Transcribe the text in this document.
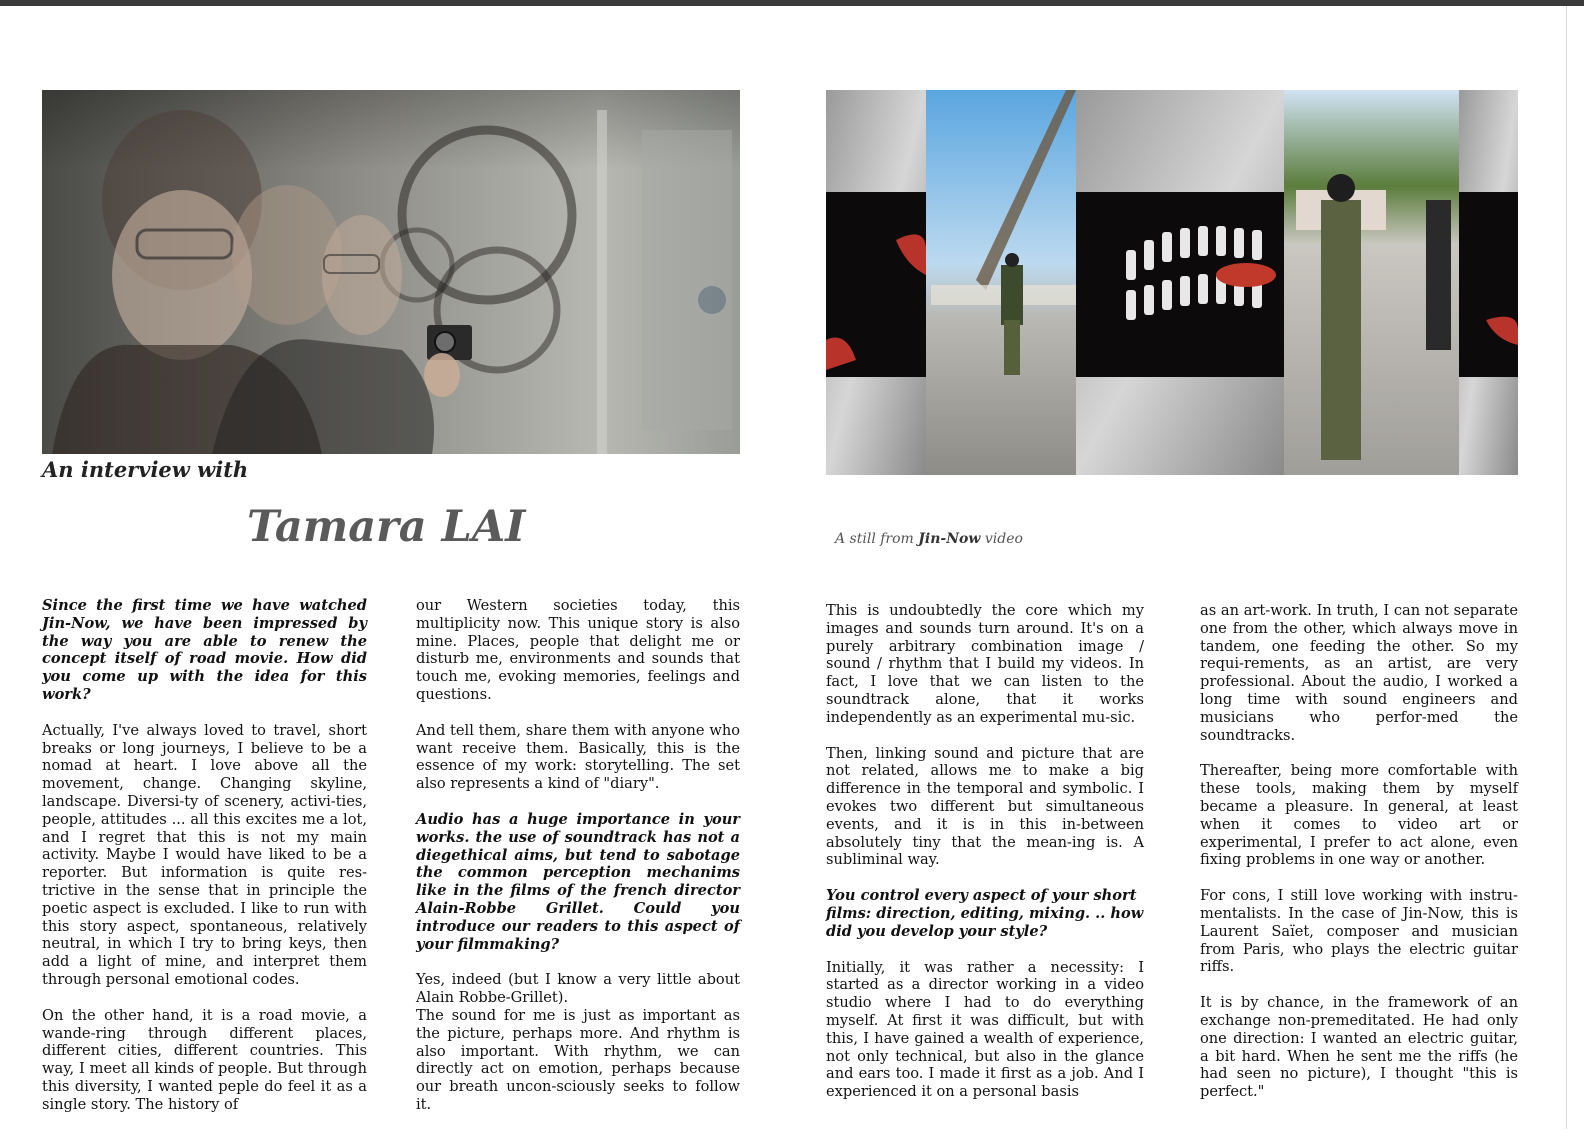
An interview with
Tamara LAI	A still from Jin-Now video

Since the first time we have watched Jin-Now, we have been impressed by the way you are able to renew the concept itself of road movie. How did you come up with the idea for this work?

Actually, I've always loved to travel, short breaks or long journeys, I believe to be a nomad at heart. I love above all the movement, change. Changing skyline, landscape. Diversi-ty of scenery, activi-ties, people, attitudes ... all this excites me a lot, and I regret that this is not my main activity. Maybe I would have liked to be a reporter. But information is quite res-trictive in the sense that in principle the poetic aspect is excluded. I like to run with this story aspect, spontaneous, relatively neutral, in which I try to bring keys, then add a light of mine, and interpret them through personal emotional codes.

On the other hand, it is a road movie, a wande-ring through different places, different cities, different countries. This way, I meet all kinds of people. But through this diversity, I wanted peple do feel it as a single story. The history of

our Western societies today, this multiplicity now. This unique story is also mine. Places, people that delight me or disturb me, environments and sounds that touch me, evoking memories, feelings and questions.

And tell them, share them with anyone who want receive them. Basically, this is the essence of my work: storytelling. The set also represents a kind of "diary".

Audio has a huge importance in your works. the use of soundtrack has not a diegethical aims, but tend to sabotage the common perception mechanims like in the films of the french director Alain-Robbe Grillet. Could you introduce our readers to this aspect of your filmmaking?

Yes, indeed (but I know a very little about Alain Robbe-Grillet).

The sound for me is just as important as the picture, perhaps more. And rhythm is also important. With rhythm, we can directly act on emotion, perhaps because our breath uncon-sciously seeks to follow it.

This is undoubtedly the core which my images and sounds turn around. It's on a purely arbitrary combination image / sound / rhythm that I build my videos. In fact, I love that we can listen to the soundtrack alone, that it works independently as an experimental mu-sic.

Then, linking sound and picture that are not related, allows me to make a big difference in the temporal and symbolic. I evokes two different but simultaneous events, and it is in this in-between absolutely tiny that the mean-ing is. A subliminal way.

You control every aspect of your short films: direction, editing, mixing. .. how did you develop your style?

Initially, it was rather a necessity: I started as a director working in a video studio where I had to do everything myself. At first it was difficult, but with this, I have gained a wealth of experience, not only technical, but also in the glance and ears too. I made it first as a job. And I experienced it on a personal basis

as an art-work. In truth, I can not separate one from the other, which always move in tandem, one feeding the other. So my requi-rements, as an artist, are very professional. About the audio, I worked a long time with sound engineers and musicians who perfor-med the soundtracks.

Thereafter, being more comfortable with these tools, making them by myself became a pleasure. In general, at least when it comes to video art or experimental, I prefer to act alone, even fixing problems in one way or another.

For cons, I still love working with instru-mentalists. In the case of Jin-Now, this is Laurent Saïet, composer and musician from Paris, who plays the electric guitar riffs.

It is by chance, in the framework of an exchange non-premeditated. He had only one direction: I wanted an electric guitar, a bit hard. When he sent me the riffs (he had seen no picture), I thought "this is perfect."
